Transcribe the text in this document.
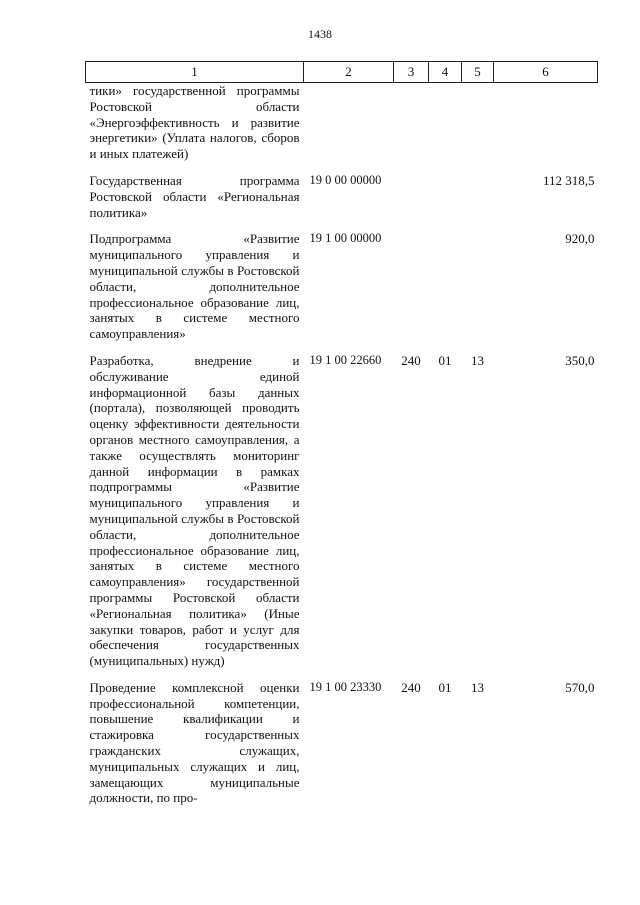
1438
1	2	3	4	5	6
тики» государственной программы Ростовской области «Энергоэффективность и развитие энергетики» (Уплата налогов, сборов и иных платежей)					
Государственная программа Ростовской области «Региональная политика»	19 0 00 00000				112 318,5
Подпрограмма «Развитие муниципального управления и муниципальной службы в Ростовской области, дополнительное профессиональное образование лиц, занятых в системе местного самоуправления»	19 1 00 00000				920,0
Разработка, внедрение и обслуживание единой информационной базы данных (портала), позволяющей проводить оценку эффективности деятельности органов местного самоуправления, а также осуществлять мониторинг данной информации в рамках подпрограммы «Развитие муниципального управления и муниципальной службы в Ростовской области, дополнительное профессиональное образование лиц, занятых в системе местного самоуправления» государственной программы Ростовской области «Региональная политика» (Иные закупки товаров, работ и услуг для обеспечения государственных (муниципальных) нужд)	19 1 00 22660	240	01	13	350,0
Проведение комплексной оценки профессиональной компетенции, повышение квалификации и стажировка государственных гражданских служащих, муниципальных служащих и лиц, замещающих муниципальные должности, по про-	19 1 00 23330	240	01	13	570,0
